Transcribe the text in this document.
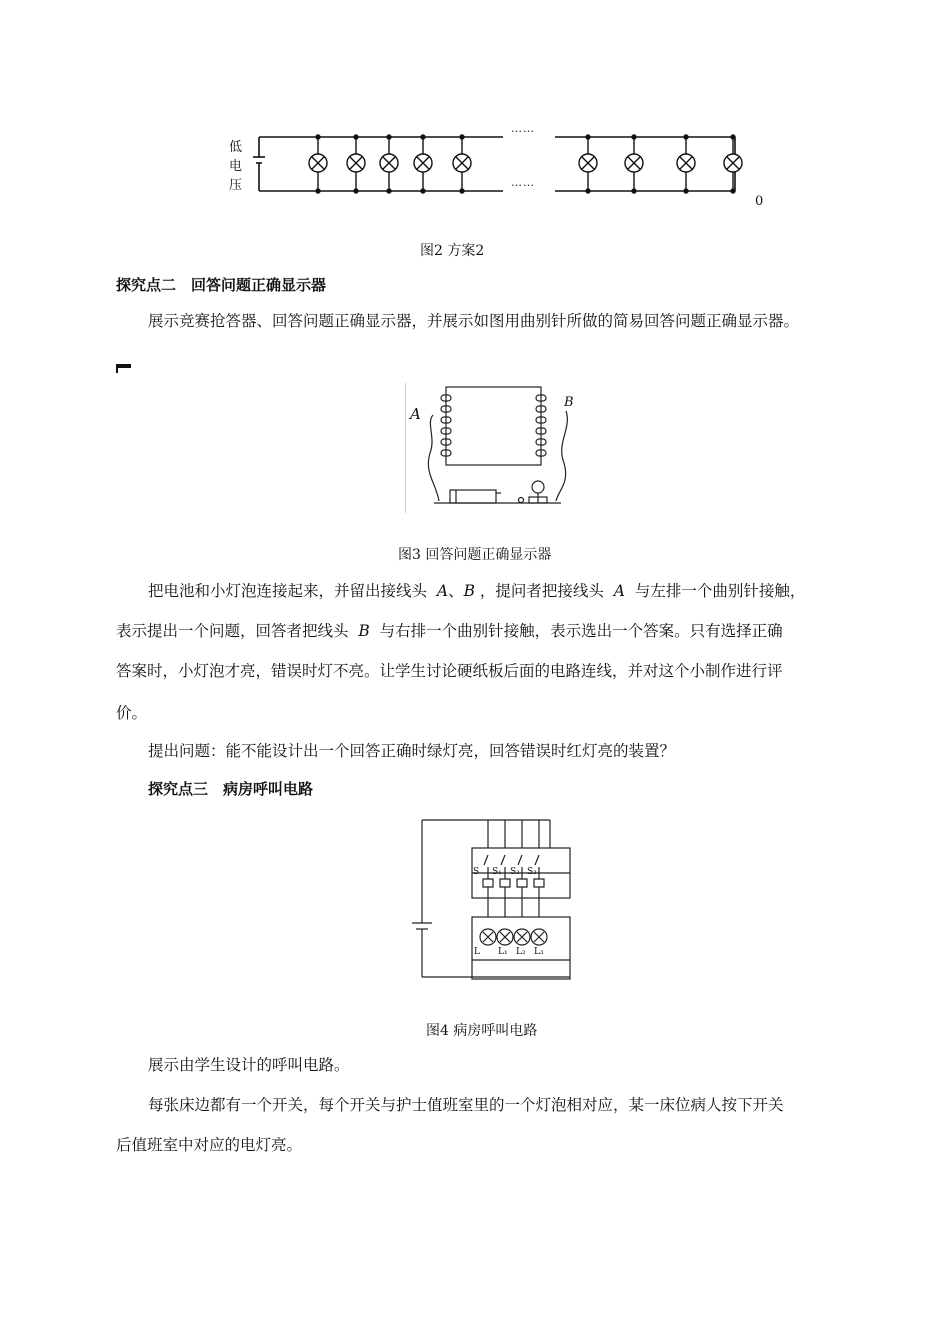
低
电
压
……
……
0
图2 方案2
探究点二　回答问题正确显示器
展示竞赛抢答器、回答问题正确显示器，并展示如图用曲别针所做的简易回答问题正确显示器。
A
B
图3 回答问题正确显示器
把电池和小灯泡连接起来，并留出接线头 A、B ，提问者把接线头 A 与左排一个曲别针接触，
表示提出一个问题，回答者把线头 B 与右排一个曲别针接触，表示选出一个答案。只有选择正确
答案时，小灯泡才亮，错误时灯不亮。让学生讨论硬纸板后面的电路连线，并对这个小制作进行评
价。
提出问题：能不能设计出一个回答正确时绿灯亮，回答错误时红灯亮的装置？
探究点三　病房呼叫电路
S S₁ S₂ S₃
L L₁ L₂ L₃
图4 病房呼叫电路
展示由学生设计的呼叫电路。
每张床边都有一个开关，每个开关与护士值班室里的一个灯泡相对应，某一床位病人按下开关
后值班室中对应的电灯亮。
